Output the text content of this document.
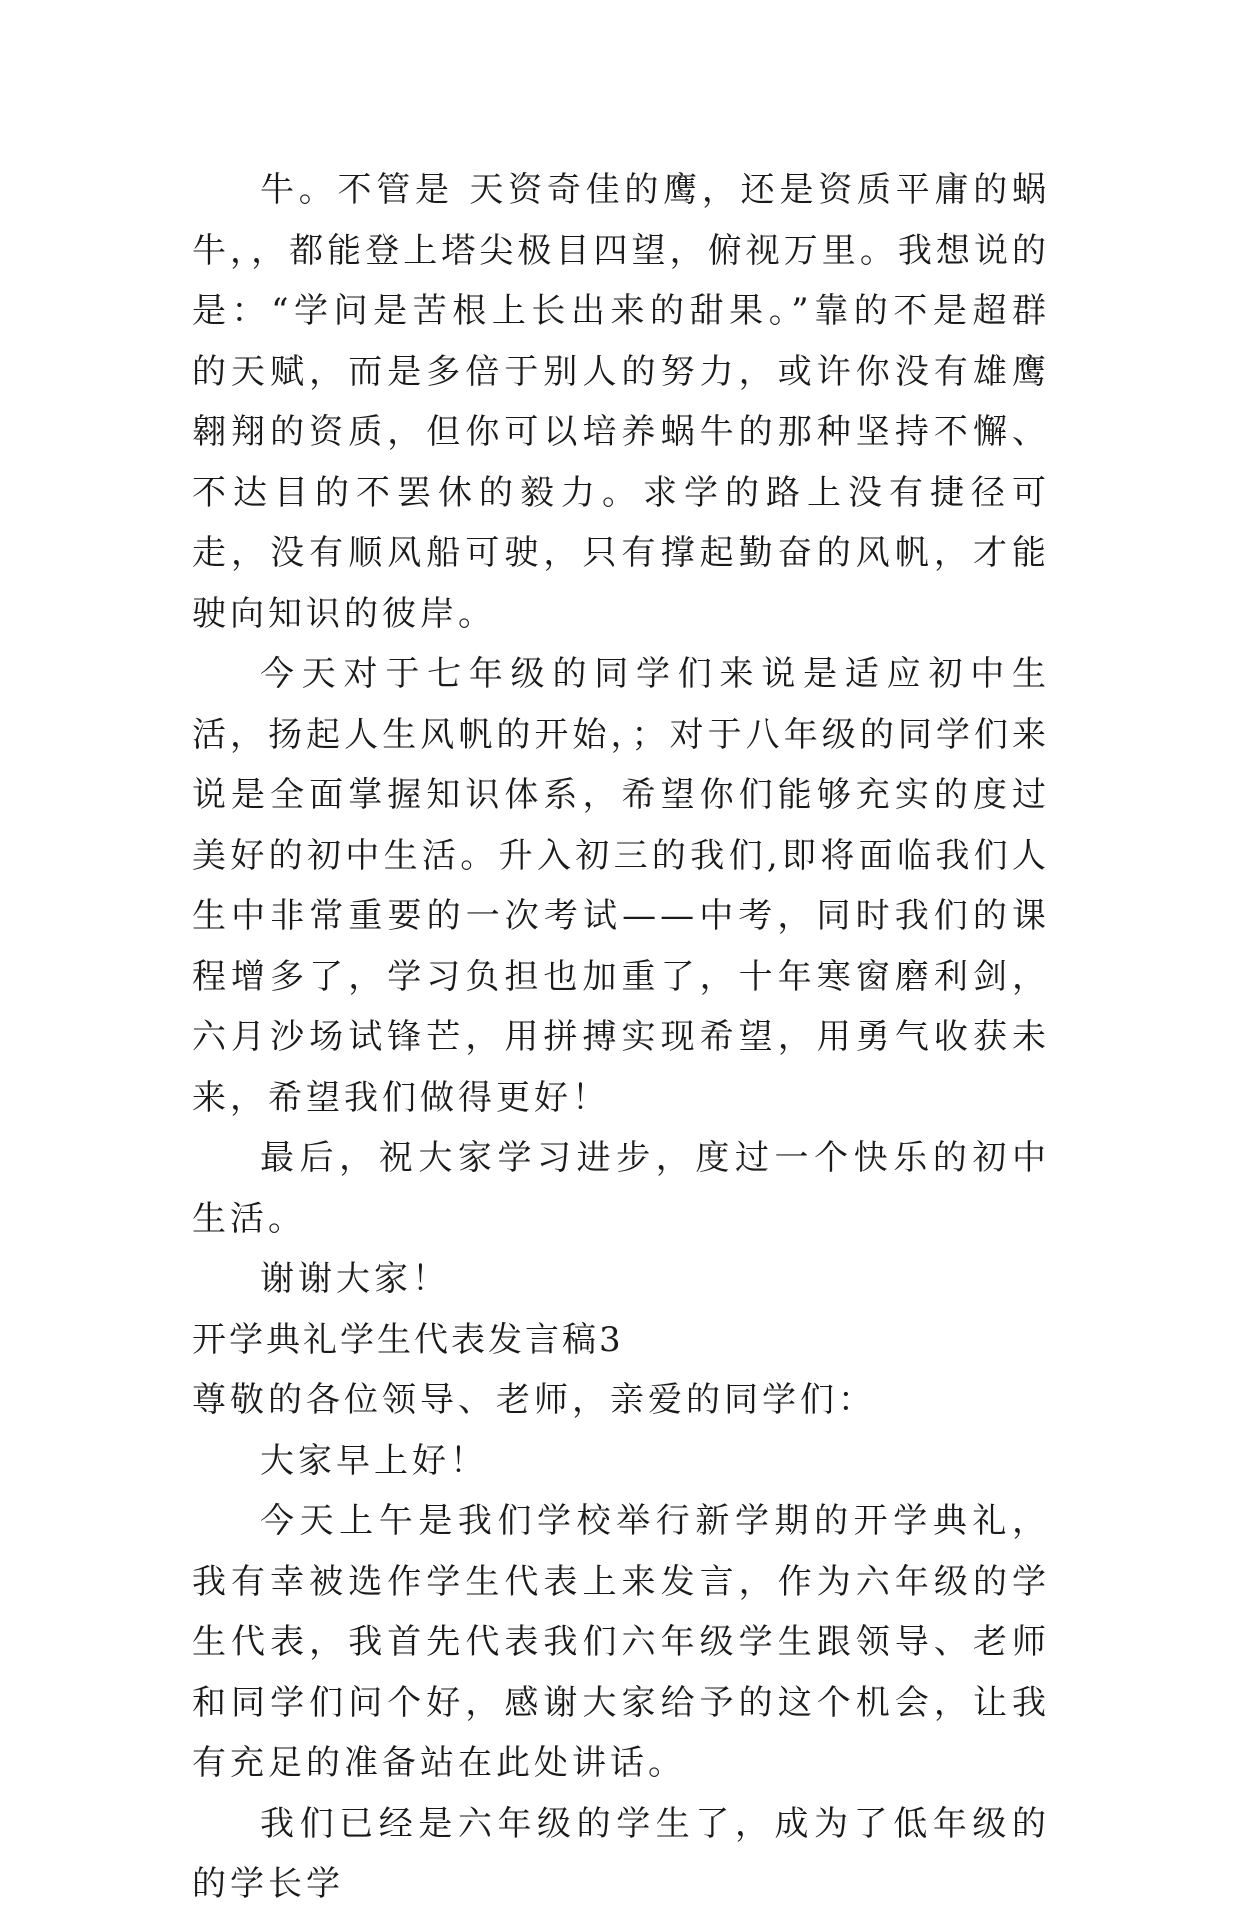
牛。不管是 天资奇佳的鹰，还是资质平庸的蜗牛，，都能登上塔尖极目四望，俯视万里。我想说的是：“学问是苦根上长出来的甜果。”靠的不是超群的天赋，而是多倍于别人的努力，或许你没有雄鹰翱翔的资质，但你可以培养蜗牛的那种坚持不懈、不达目的不罢休的毅力。求学的路上没有捷径可走，没有顺风船可驶，只有撑起勤奋的风帆，才能驶向知识的彼岸。

今天对于七年级的同学们来说是适应初中生活，扬起人生风帆的开始，；对于八年级的同学们来说是全面掌握知识体系，希望你们能够充实的度过美好的初中生活。升入初三的我们,即将面临我们人生中非常重要的一次考试——中考，同时我们的课程增多了，学习负担也加重了，十年寒窗磨利剑，六月沙场试锋芒，用拼搏实现希望，用勇气收获未来，希望我们做得更好！

最后，祝大家学习进步，度过一个快乐的初中生活。

谢谢大家！

开学典礼学生代表发言稿3

尊敬的各位领导、老师，亲爱的同学们：

大家早上好！

今天上午是我们学校举行新学期的开学典礼，我有幸被选作学生代表上来发言，作为六年级的学生代表，我首先代表我们六年级学生跟领导、老师和同学们问个好，感谢大家给予的这个机会，让我有充足的准备站在此处讲话。

我们已经是六年级的学生了，成为了低年级的的学长学
